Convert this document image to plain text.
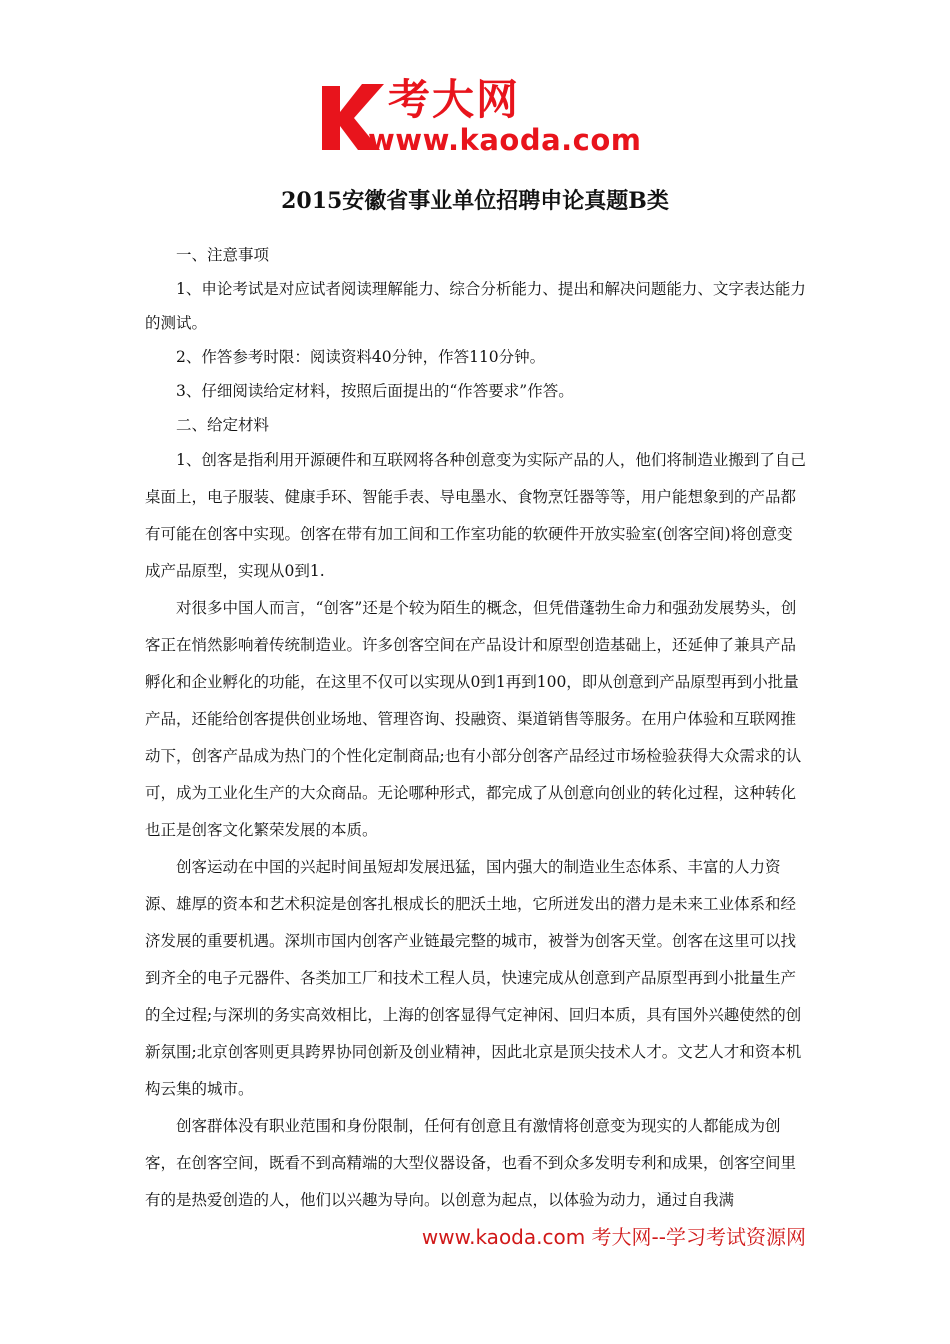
考大网
www.kaoda.com
2015安徽省事业单位招聘申论真题B类

一、注意事项

1、申论考试是对应试者阅读理解能力、综合分析能力、提出和解决问题能力、文字表达能力的测试。

2、作答参考时限：阅读资料40分钟，作答110分钟。

3、仔细阅读给定材料，按照后面提出的“作答要求”作答。

二、给定材料

1、创客是指利用开源硬件和互联网将各种创意变为实际产品的人，他们将制造业搬到了自己桌面上，电子服装、健康手环、智能手表、导电墨水、食物烹饪器等等，用户能想象到的产品都有可能在创客中实现。创客在带有加工间和工作室功能的软硬件开放实验室(创客空间)将创意变成产品原型，实现从0到1.

对很多中国人而言，“创客”还是个较为陌生的概念，但凭借蓬勃生命力和强劲发展势头，创客正在悄然影响着传统制造业。许多创客空间在产品设计和原型创造基础上，还延伸了兼具产品孵化和企业孵化的功能，在这里不仅可以实现从0到1再到100，即从创意到产品原型再到小批量产品，还能给创客提供创业场地、管理咨询、投融资、渠道销售等服务。在用户体验和互联网推动下，创客产品成为热门的个性化定制商品;也有小部分创客产品经过市场检验获得大众需求的认可，成为工业化生产的大众商品。无论哪种形式，都完成了从创意向创业的转化过程，这种转化也正是创客文化繁荣发展的本质。

创客运动在中国的兴起时间虽短却发展迅猛，国内强大的制造业生态体系、丰富的人力资源、雄厚的资本和艺术积淀是创客扎根成长的肥沃土地，它所迸发出的潜力是未来工业体系和经济发展的重要机遇。深圳市国内创客产业链最完整的城市，被誉为创客天堂。创客在这里可以找到齐全的电子元器件、各类加工厂和技术工程人员，快速完成从创意到产品原型再到小批量生产的全过程;与深圳的务实高效相比，上海的创客显得气定神闲、回归本质，具有国外兴趣使然的创新氛围;北京创客则更具跨界协同创新及创业精神，因此北京是顶尖技术人才。文艺人才和资本机构云集的城市。

创客群体没有职业范围和身份限制，任何有创意且有激情将创意变为现实的人都能成为创客，在创客空间，既看不到高精端的大型仪器设备，也看不到众多发明专利和成果，创客空间里有的是热爱创造的人，他们以兴趣为导向。以创意为起点，以体验为动力，通过自我满

www.kaoda.com 考大网--学习考试资源网
